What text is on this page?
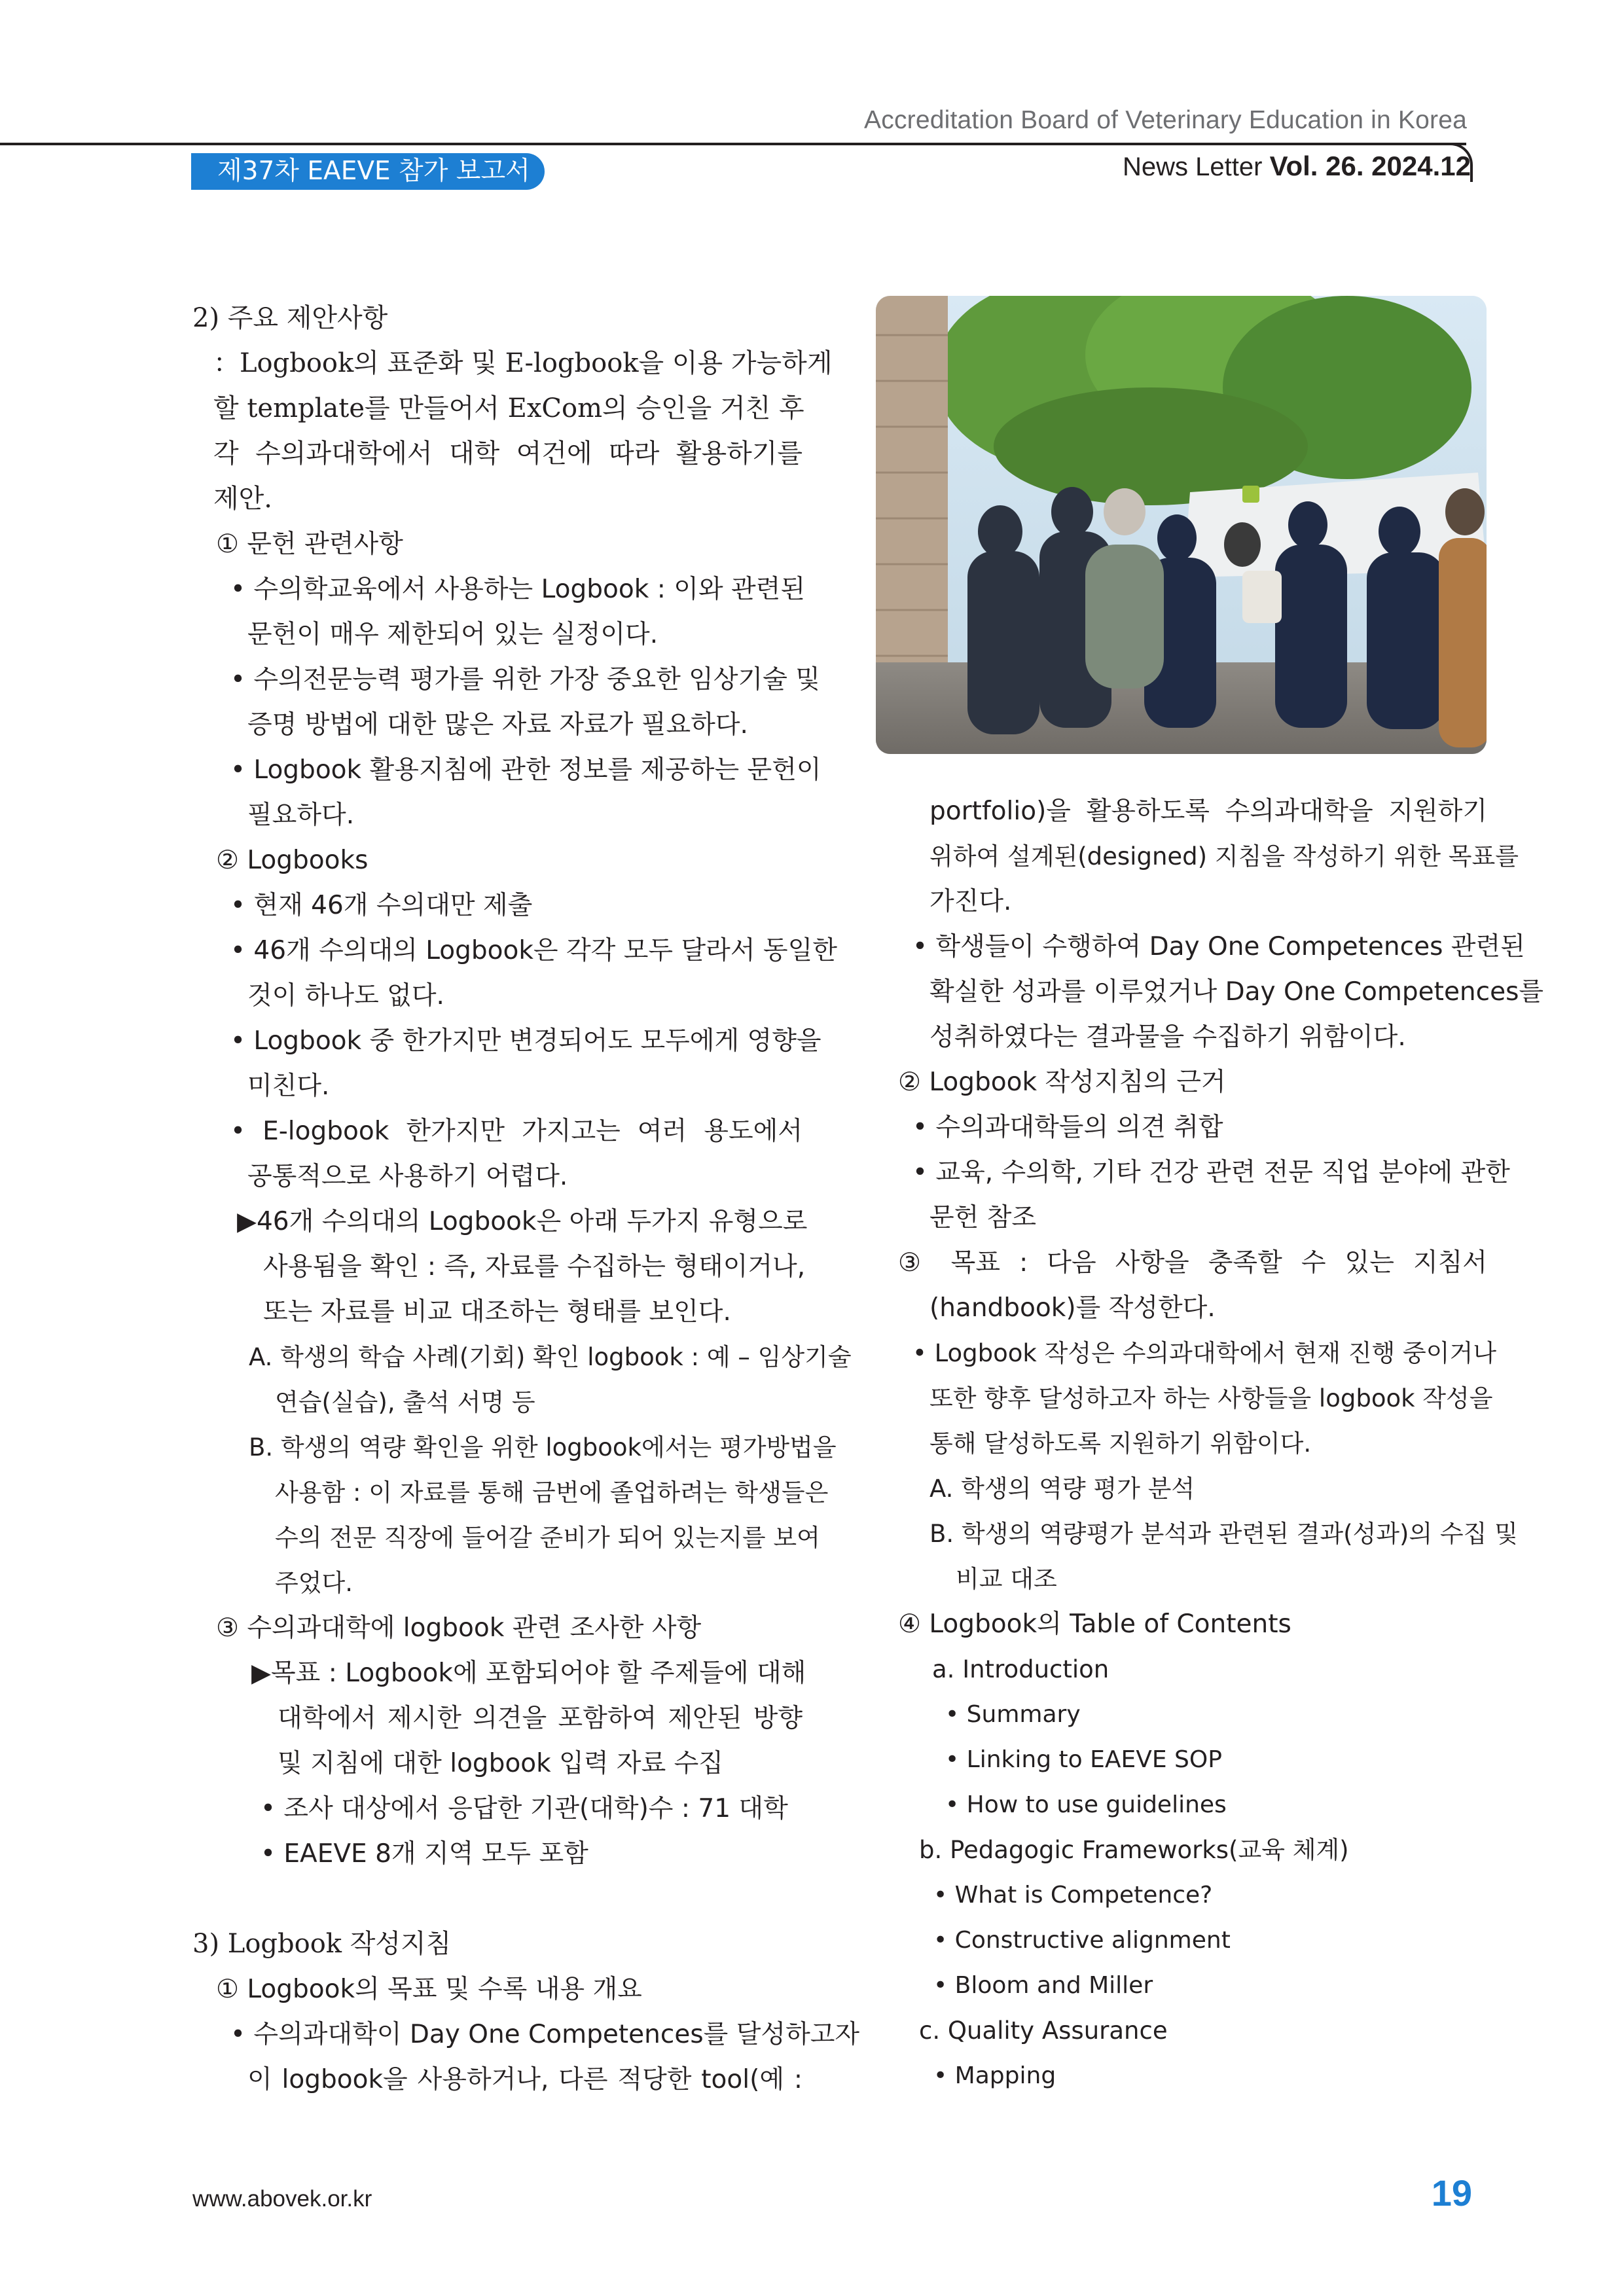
Accreditation Board of Veterinary Education in Korea
제37차 EAEVE 참가 보고서	News Letter Vol. 26. 2024.12
2) 주요 제안사항
：Logbook의 표준화 및 E-logbook을 이용 가능하게
할 template를 만들어서 ExCom의 승인을 거친 후
각 수의과대학에서 대학 여건에 따라 활용하기를
제안.
① 문헌 관련사항
• 수의학교육에서 사용하는 Logbook : 이와 관련된
문헌이 매우 제한되어 있는 실정이다.
• 수의전문능력 평가를 위한 가장 중요한 임상기술 및
증명 방법에 대한 많은 자료 자료가 필요하다.
• Logbook 활용지침에 관한 정보를 제공하는 문헌이
필요하다.
② Logbooks
• 현재 46개 수의대만 제출
• 46개 수의대의 Logbook은 각각 모두 달라서 동일한
것이 하나도 없다.
• Logbook 중 한가지만 변경되어도 모두에게 영향을
미친다.
• E-logbook 한가지만 가지고는 여러 용도에서
공통적으로 사용하기 어렵다.
▶46개 수의대의 Logbook은 아래 두가지 유형으로
사용됨을 확인 : 즉, 자료를 수집하는 형태이거나,
또는 자료를 비교 대조하는 형태를 보인다.
A. 학생의 학습 사례(기회) 확인 logbook : 예 – 임상기술
연습(실습), 출석 서명 등
B. 학생의 역량 확인을 위한 logbook에서는 평가방법을
사용함 : 이 자료를 통해 금번에 졸업하려는 학생들은
수의 전문 직장에 들어갈 준비가 되어 있는지를 보여
주었다.
③ 수의과대학에 logbook 관련 조사한 사항
▶목표 : Logbook에 포함되어야 할 주제들에 대해
대학에서 제시한 의견을 포함하여 제안된 방향
및 지침에 대한 logbook 입력 자료 수집
• 조사 대상에서 응답한 기관(대학)수 : 71 대학
• EAEVE 8개 지역 모두 포함
3) Logbook 작성지침
① Logbook의 목표 및 수록 내용 개요
• 수의과대학이 Day One Competences를 달성하고자
이 logbook을 사용하거나, 다른 적당한 tool(예 :
portfolio)을 활용하도록 수의과대학을 지원하기
위하여 설계된(designed) 지침을 작성하기 위한 목표를
가진다.
• 학생들이 수행하여 Day One Competences 관련된
확실한 성과를 이루었거나 Day One Competences를
성취하였다는 결과물을 수집하기 위함이다.
② Logbook 작성지침의 근거
• 수의과대학들의 의견 취합
• 교육, 수의학, 기타 건강 관련 전문 직업 분야에 관한
문헌 참조
③ 목표 : 다음 사항을 충족할 수 있는 지침서
(handbook)를 작성한다.
• Logbook 작성은 수의과대학에서 현재 진행 중이거나
또한 향후 달성하고자 하는 사항들을 logbook 작성을
통해 달성하도록 지원하기 위함이다.
A. 학생의 역량 평가 분석
B. 학생의 역량평가 분석과 관련된 결과(성과)의 수집 및
비교 대조
④ Logbook의 Table of Contents
a. Introduction
• Summary
• Linking to EAEVE SOP
• How to use guidelines
b. Pedagogic Frameworks(교육 체계)
• What is Competence?
• Constructive alignment
• Bloom and Miller
c. Quality Assurance
• Mapping
www.abovek.or.kr	19
